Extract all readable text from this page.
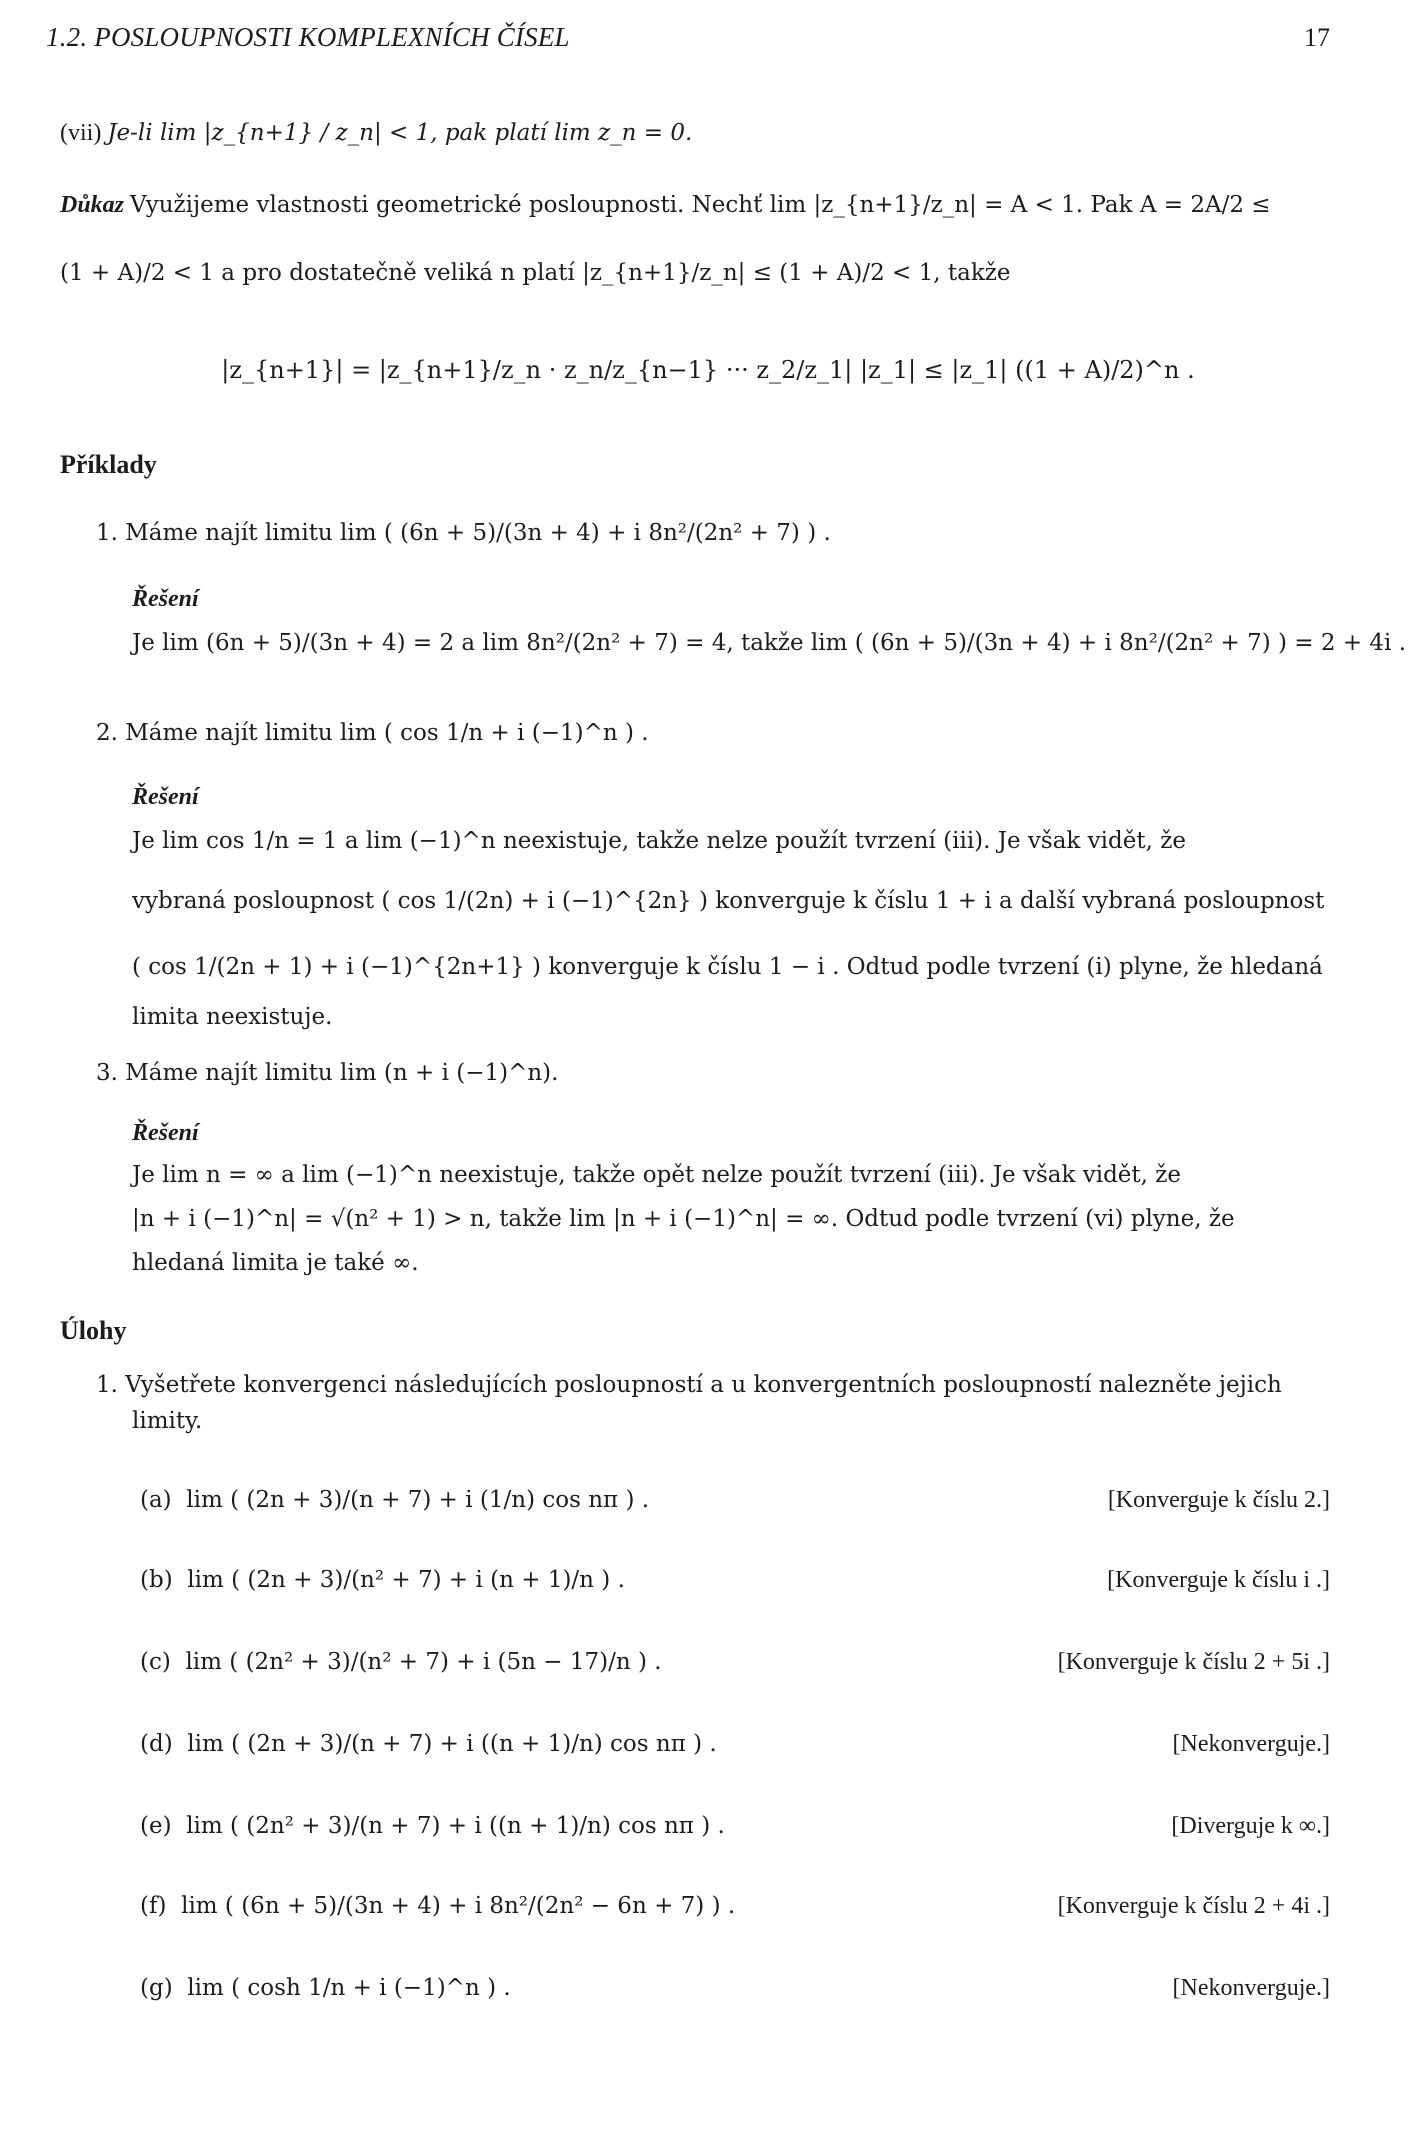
1.2. POSLOUPNOSTI KOMPLEXNÍCH ČÍSEL	17
(vii) Je-li lim |z_{n+1} / z_n| < 1, pak platí lim z_n = 0.
Důkaz Využijeme vlastnosti geometrické posloupnosti. Nechť lim |z_{n+1}/z_n| = A < 1. Pak A = 2A/2 ≤
(1 + A)/2 < 1 a pro dostatečně veliká n platí |z_{n+1}/z_n| ≤ (1 + A)/2 < 1, takže
|z_{n+1}| = |z_{n+1}/z_n · z_n/z_{n−1} ··· z_2/z_1| |z_1| ≤ |z_1| ((1 + A)/2)^n .
Příklady
1. Máme najít limitu lim ( (6n + 5)/(3n + 4) + i 8n²/(2n² + 7) ) .
Řešení
Je lim (6n + 5)/(3n + 4) = 2 a lim 8n²/(2n² + 7) = 4, takže lim ( (6n + 5)/(3n + 4) + i 8n²/(2n² + 7) ) = 2 + 4i .
2. Máme najít limitu lim ( cos 1/n + i (−1)^n ) .
Řešení
Je lim cos 1/n = 1 a lim (−1)^n neexistuje, takže nelze použít tvrzení (iii). Je však vidět, že
vybraná posloupnost ( cos 1/(2n) + i (−1)^{2n} ) konverguje k číslu 1 + i a další vybraná posloupnost
( cos 1/(2n + 1) + i (−1)^{2n+1} ) konverguje k číslu 1 − i . Odtud podle tvrzení (i) plyne, že hledaná
limita neexistuje.
3. Máme najít limitu lim (n + i (−1)^n).
Řešení
Je lim n = ∞ a lim (−1)^n neexistuje, takže opět nelze použít tvrzení (iii). Je však vidět, že
|n + i (−1)^n| = √(n² + 1) > n, takže lim |n + i (−1)^n| = ∞. Odtud podle tvrzení (vi) plyne, že
hledaná limita je také ∞.
Úlohy
1. Vyšetřete konvergenci následujících posloupností a u konvergentních posloupností nalezněte jejich
limity.
(a) lim ( (2n + 3)/(n + 7) + i (1/n) cos nπ ) .	[Konverguje k číslu 2.]
(b) lim ( (2n + 3)/(n² + 7) + i (n + 1)/n ) .	[Konverguje k číslu i .]
(c) lim ( (2n² + 3)/(n² + 7) + i (5n − 17)/n ) .	[Konverguje k číslu 2 + 5i .]
(d) lim ( (2n + 3)/(n + 7) + i ((n + 1)/n) cos nπ ) .	[Nekonverguje.]
(e) lim ( (2n² + 3)/(n + 7) + i ((n + 1)/n) cos nπ ) .	[Diverguje k ∞.]
(f) lim ( (6n + 5)/(3n + 4) + i 8n²/(2n² − 6n + 7) ) .	[Konverguje k číslu 2 + 4i .]
(g) lim ( cosh 1/n + i (−1)^n ) .	[Nekonverguje.]
